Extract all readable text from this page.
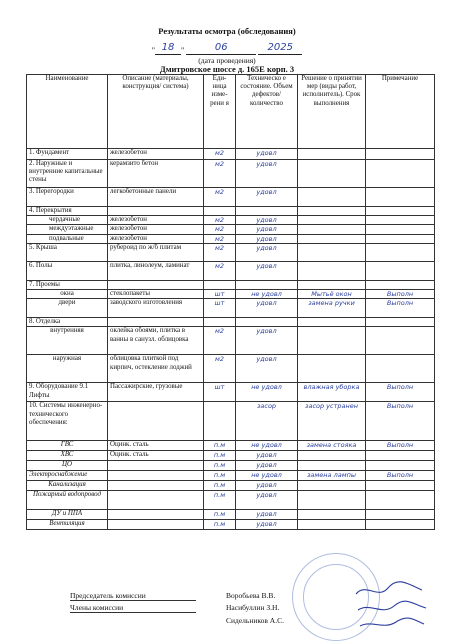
Результаты осмотра (обследования)
" 18 "	06
	2025
(дата проведения)
Дмитровское шоссе д. 165Е корп. 3
Наименование	Описание (материалы, конструкция/ система)	Еди-ница изме-рени я	Техническо е состояние. Объем дефектов/ количество	Решение о принятии мер (виды работ, исполнитель). Срок выполнения	Примечание
1. Фундамент	железобетон	м2	удовл		
2. Наружные и внутренние капитальные стены	керамзито бетон	м2	удовл		
3. Перегородки	легкобетонные панели	м2	удовл		
4. Перекрытия					
чердачные	железобетон	м2	удовл		
междуэтажные	железобетон	м2	удовл		
подвальные	железобетон	м2	удовл		
5. Крыша	рубероид по ж/б плитам	м2	удовл		
6. Полы	плитка, линолеум, ламинат	м2	удовл		
7. Проемы					
окна	стеклопакеты	шт	не удовл	Мытьё окон	Выполн
двери	заводского изготовления	шт	удовл	замена ручки	Выполн
8. Отделка					
внутренняя	оклейка обоями, плитка в ванны в санузл. облицовка	м2	удовл		
наружная	облицовка плиткой под кирпич, остекление лоджий	м2	удовл		
9. Оборудование 9.1 Лифты	Пассажирские, грузовые	шт	не удовл	влажная уборка	Выполн
10. Системы инженерно-технического обеспечения:			засор	засор устранен	Выполн
ГВС	Оцинк. сталь	п.м	не удовл	замена стояка	Выполн
ХВС	Оцинк. сталь	п.м	удовл		
ЦО		п.м	удовл		
Электроснабжение		п.м	не удовл	замена лампы	Выполн
Канализация		п.м	удовл		
Пожарный водопровод		п.м	удовл		
ДУ и ППА		п.м	удовл		
Вентиляция		п.м	удовл		
Председатель комиссии	Воробьева В.В.
Члены комиссии	Насибуллин З.Н.
Сидельников А.С.
